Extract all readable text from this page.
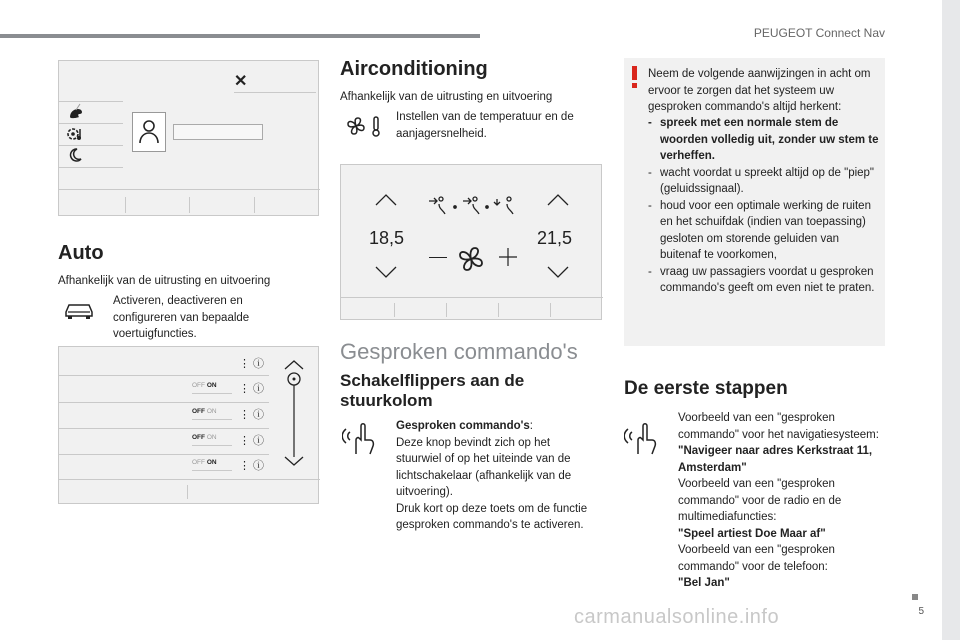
PEUGEOT Connect Nav
5
carmanualsonline.info
✕
Auto

Afhankelijk van de uitrusting en uitvoering

Activeren, deactiveren en configureren van bepaalde voertuigfuncties.

⋮ ⓘ
OFF ON ⋮ ⓘ
OFF ON ⋮ ⓘ
OFF ON ⋮ ⓘ
OFF ON ⋮ ⓘ
Airconditioning

Afhankelijk van de uitrusting en uitvoering

Instellen van de temperatuur en de aanjagersnelheid.

18,5	21,5
Gesproken commando's
Schakelflippers aan de stuurkolom
Gesproken commando's:
Deze knop bevindt zich op het stuurwiel of op het uiteinde van de lichtschakelaar (afhankelijk van de uitvoering).
Druk kort op deze toets om de functie gesproken commando's te activeren.

Neem de volgende aanwijzingen in acht om ervoor te zorgen dat het systeem uw gesproken commando's altijd herkent:

- spreek met een normale stem de woorden volledig uit, zonder uw stem te verheffen.
- wacht voordat u spreekt altijd op de "piep" (geluidssignaal).
- houd voor een optimale werking de ruiten en het schuifdak (indien van toepassing) gesloten om storende geluiden van buitenaf te voorkomen,
- vraag uw passagiers voordat u gesproken commando's geeft om even niet te praten.
De eerste stappen
Voorbeeld van een "gesproken commando" voor het navigatiesysteem:
"Navigeer naar adres Kerkstraat 11, Amsterdam"
Voorbeeld van een "gesproken commando" voor de radio en de multimediafuncties:
"Speel artiest Doe Maar af"
Voorbeeld van een "gesproken commando" voor de telefoon:
"Bel Jan"
